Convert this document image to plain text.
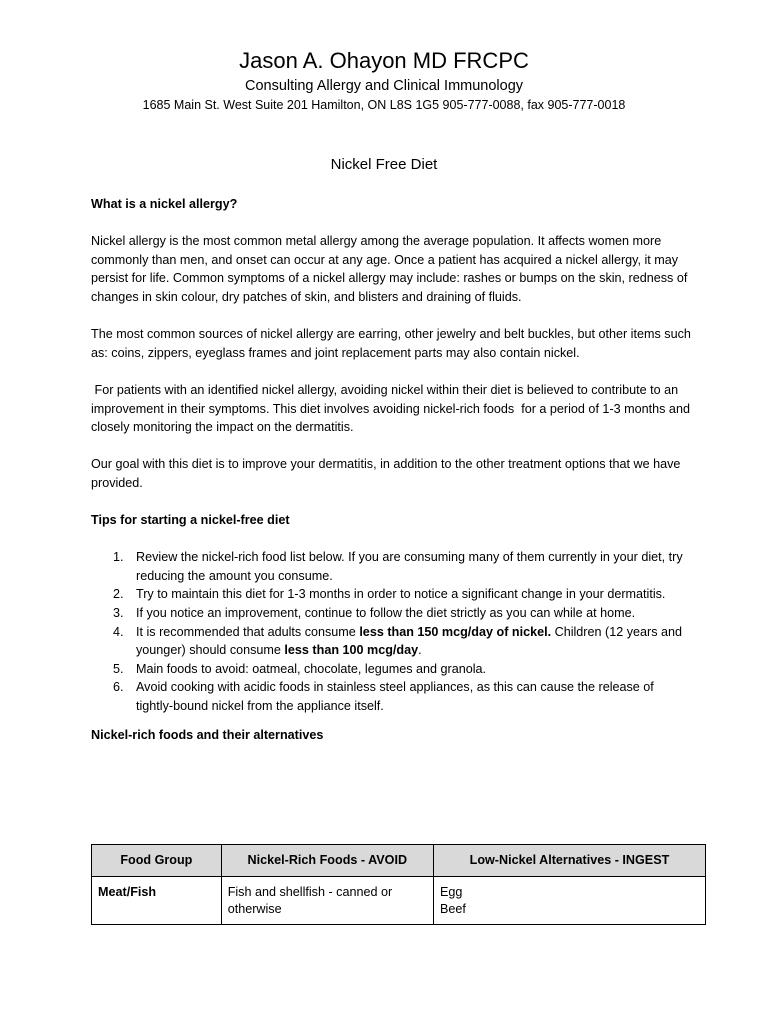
Jason A. Ohayon MD FRCPC
Consulting Allergy and Clinical Immunology
1685 Main St. West Suite 201 Hamilton, ON L8S 1G5 905-777-0088, fax 905-777-0018
Nickel Free Diet

What is a nickel allergy?

Nickel allergy is the most common metal allergy among the average population. It affects women more commonly than men, and onset can occur at any age. Once a patient has acquired a nickel allergy, it may persist for life. Common symptoms of a nickel allergy may include: rashes or bumps on the skin, redness of changes in skin colour, dry patches of skin, and blisters and draining of fluids.

The most common sources of nickel allergy are earring, other jewelry and belt buckles, but other items such as: coins, zippers, eyeglass frames and joint replacement parts may also contain nickel.

For patients with an identified nickel allergy, avoiding nickel within their diet is believed to contribute to an improvement in their symptoms. This diet involves avoiding nickel-rich foods  for a period of 1-3 months and closely monitoring the impact on the dermatitis.

Our goal with this diet is to improve your dermatitis, in addition to the other treatment options that we have provided.

Tips for starting a nickel-free diet

1. Review the nickel-rich food list below. If you are consuming many of them currently in your diet, try reducing the amount you consume.
2. Try to maintain this diet for 1-3 months in order to notice a significant change in your dermatitis.
3. If you notice an improvement, continue to follow the diet strictly as you can while at home.
4. It is recommended that adults consume less than 150 mcg/day of nickel. Children (12 years and younger) should consume less than 100 mcg/day.
5. Main foods to avoid: oatmeal, chocolate, legumes and granola.
6. Avoid cooking with acidic foods in stainless steel appliances, as this can cause the release of tightly-bound nickel from the appliance itself.

Nickel-rich foods and their alternatives

Food Group	Nickel-Rich Foods - AVOID	Low-Nickel Alternatives - INGEST
Meat/Fish	Fish and shellfish - canned or otherwise	Egg
Beef
